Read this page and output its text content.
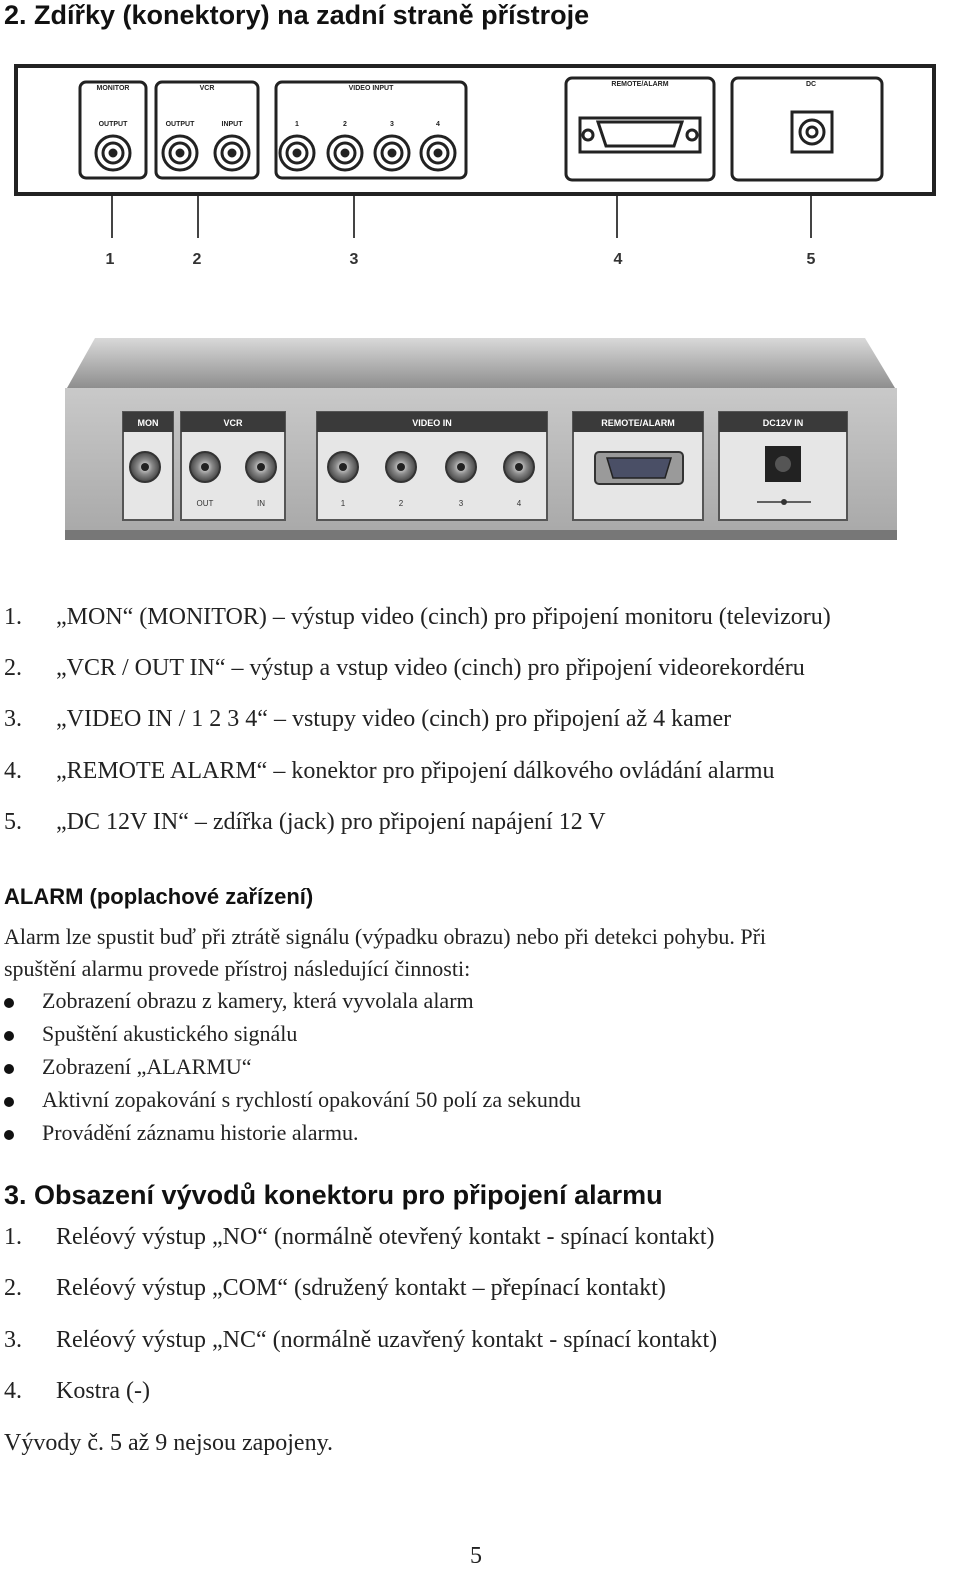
2. Zdířky (konektory) na zadní straně přístroje
MONITOR	VCR	VIDEO INPUT
REMOTE/ALARM	DC
OUTPUT	OUTPUT	INPUT	1	2	3	4
1	2	3	4	5
MON	VCR	VIDEO IN	REMOTE/ALARM	DC12V IN
OUT	IN	1	2	3	4
1. „MON“ (MONITOR) – výstup video (cinch) pro připojení monitoru (televizoru)
2. „VCR / OUT IN“ – výstup a vstup video (cinch) pro připojení videorekordéru
3. „VIDEO IN / 1 2 3 4“ – vstupy video (cinch) pro připojení až 4 kamer
4. „REMOTE ALARM“ – konektor pro připojení dálkového ovládání alarmu
5. „DC 12V IN“ – zdířka (jack) pro připojení napájení 12 V
ALARM (poplachové zařízení)
Alarm lze spustit buď při ztrátě signálu (výpadku obrazu) nebo při detekci pohybu. Při
spuštění alarmu provede přístroj následující činnosti:
Zobrazení obrazu z kamery, která vyvolala alarm
Spuštění akustického signálu
Zobrazení „ALARMU“
Aktivní zopakování s rychlostí opakování 50 polí za sekundu
Provádění záznamu historie alarmu.
3. Obsazení vývodů konektoru pro připojení alarmu
1. Reléový výstup „NO“ (normálně otevřený kontakt - spínací kontakt)
2. Reléový výstup „COM“ (sdružený kontakt – přepínací kontakt)
3. Reléový výstup „NC“ (normálně uzavřený kontakt - spínací kontakt)
4. Kostra (-)
Vývody č. 5 až 9 nejsou zapojeny.
5
